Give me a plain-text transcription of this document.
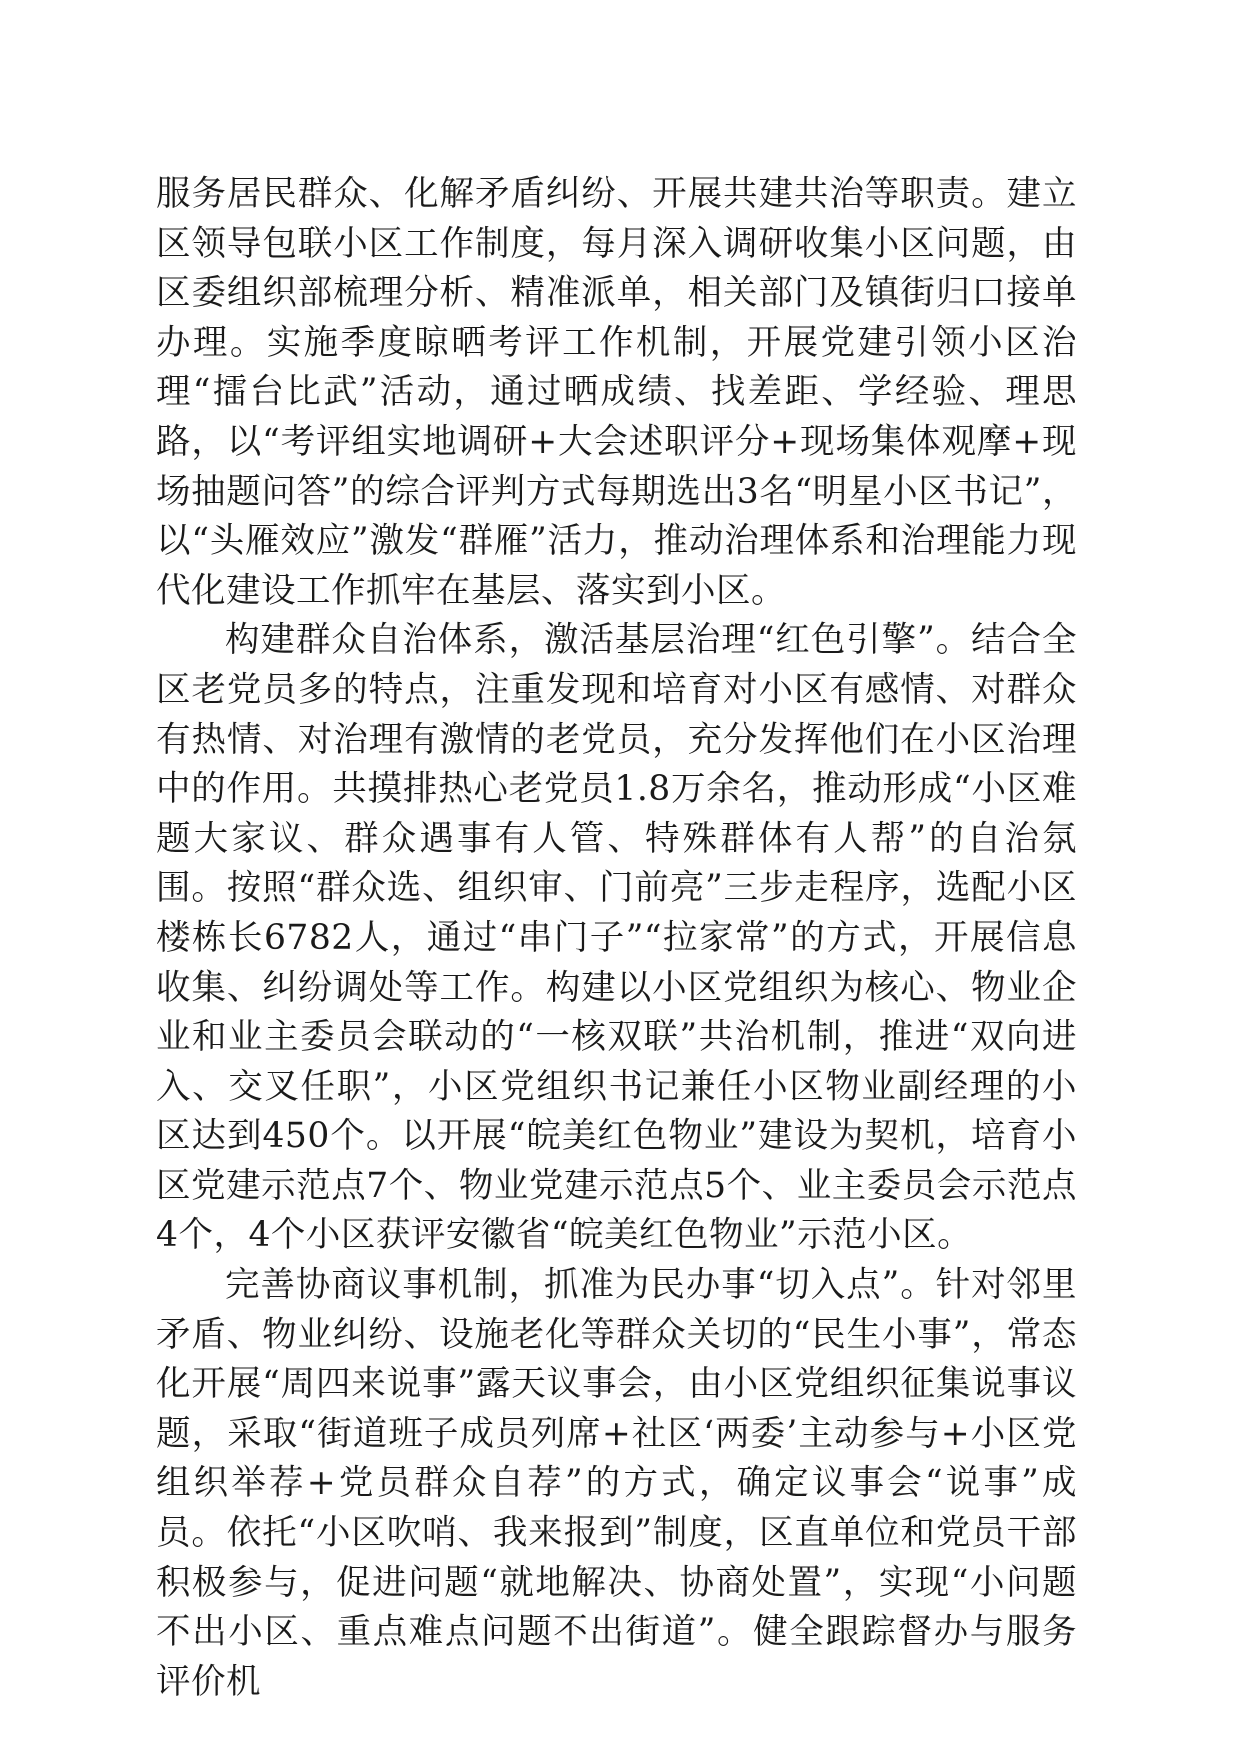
服务居民群众、化解矛盾纠纷、开展共建共治等职责。建立区领导包联小区工作制度，每月深入调研收集小区问题，由区委组织部梳理分析、精准派单，相关部门及镇街归口接单办理。实施季度晾晒考评工作机制，开展党建引领小区治理“擂台比武”活动，通过晒成绩、找差距、学经验、理思路，以“考评组实地调研+大会述职评分+现场集体观摩+现场抽题问答”的综合评判方式每期选出3名“明星小区书记”，以“头雁效应”激发“群雁”活力，推动治理体系和治理能力现代化建设工作抓牢在基层、落实到小区。

构建群众自治体系，激活基层治理“红色引擎”。结合全区老党员多的特点，注重发现和培育对小区有感情、对群众有热情、对治理有激情的老党员，充分发挥他们在小区治理中的作用。共摸排热心老党员1.8万余名，推动形成“小区难题大家议、群众遇事有人管、特殊群体有人帮”的自治氛围。按照“群众选、组织审、门前亮”三步走程序，选配小区楼栋长6782人，通过“串门子”“拉家常”的方式，开展信息收集、纠纷调处等工作。构建以小区党组织为核心、物业企业和业主委员会联动的“一核双联”共治机制，推进“双向进入、交叉任职”，小区党组织书记兼任小区物业副经理的小区达到450个。以开展“皖美红色物业”建设为契机，培育小区党建示范点7个、物业党建示范点5个、业主委员会示范点4个，4个小区获评安徽省“皖美红色物业”示范小区。

完善协商议事机制，抓准为民办事“切入点”。针对邻里矛盾、物业纠纷、设施老化等群众关切的“民生小事”，常态化开展“周四来说事”露天议事会，由小区党组织征集说事议题，采取“街道班子成员列席+社区‘两委’主动参与+小区党组织举荐+党员群众自荐”的方式，确定议事会“说事”成员。依托“小区吹哨、我来报到”制度，区直单位和党员干部积极参与，促进问题“就地解决、协商处置”，实现“小问题不出小区、重点难点问题不出街道”。健全跟踪督办与服务评价机
